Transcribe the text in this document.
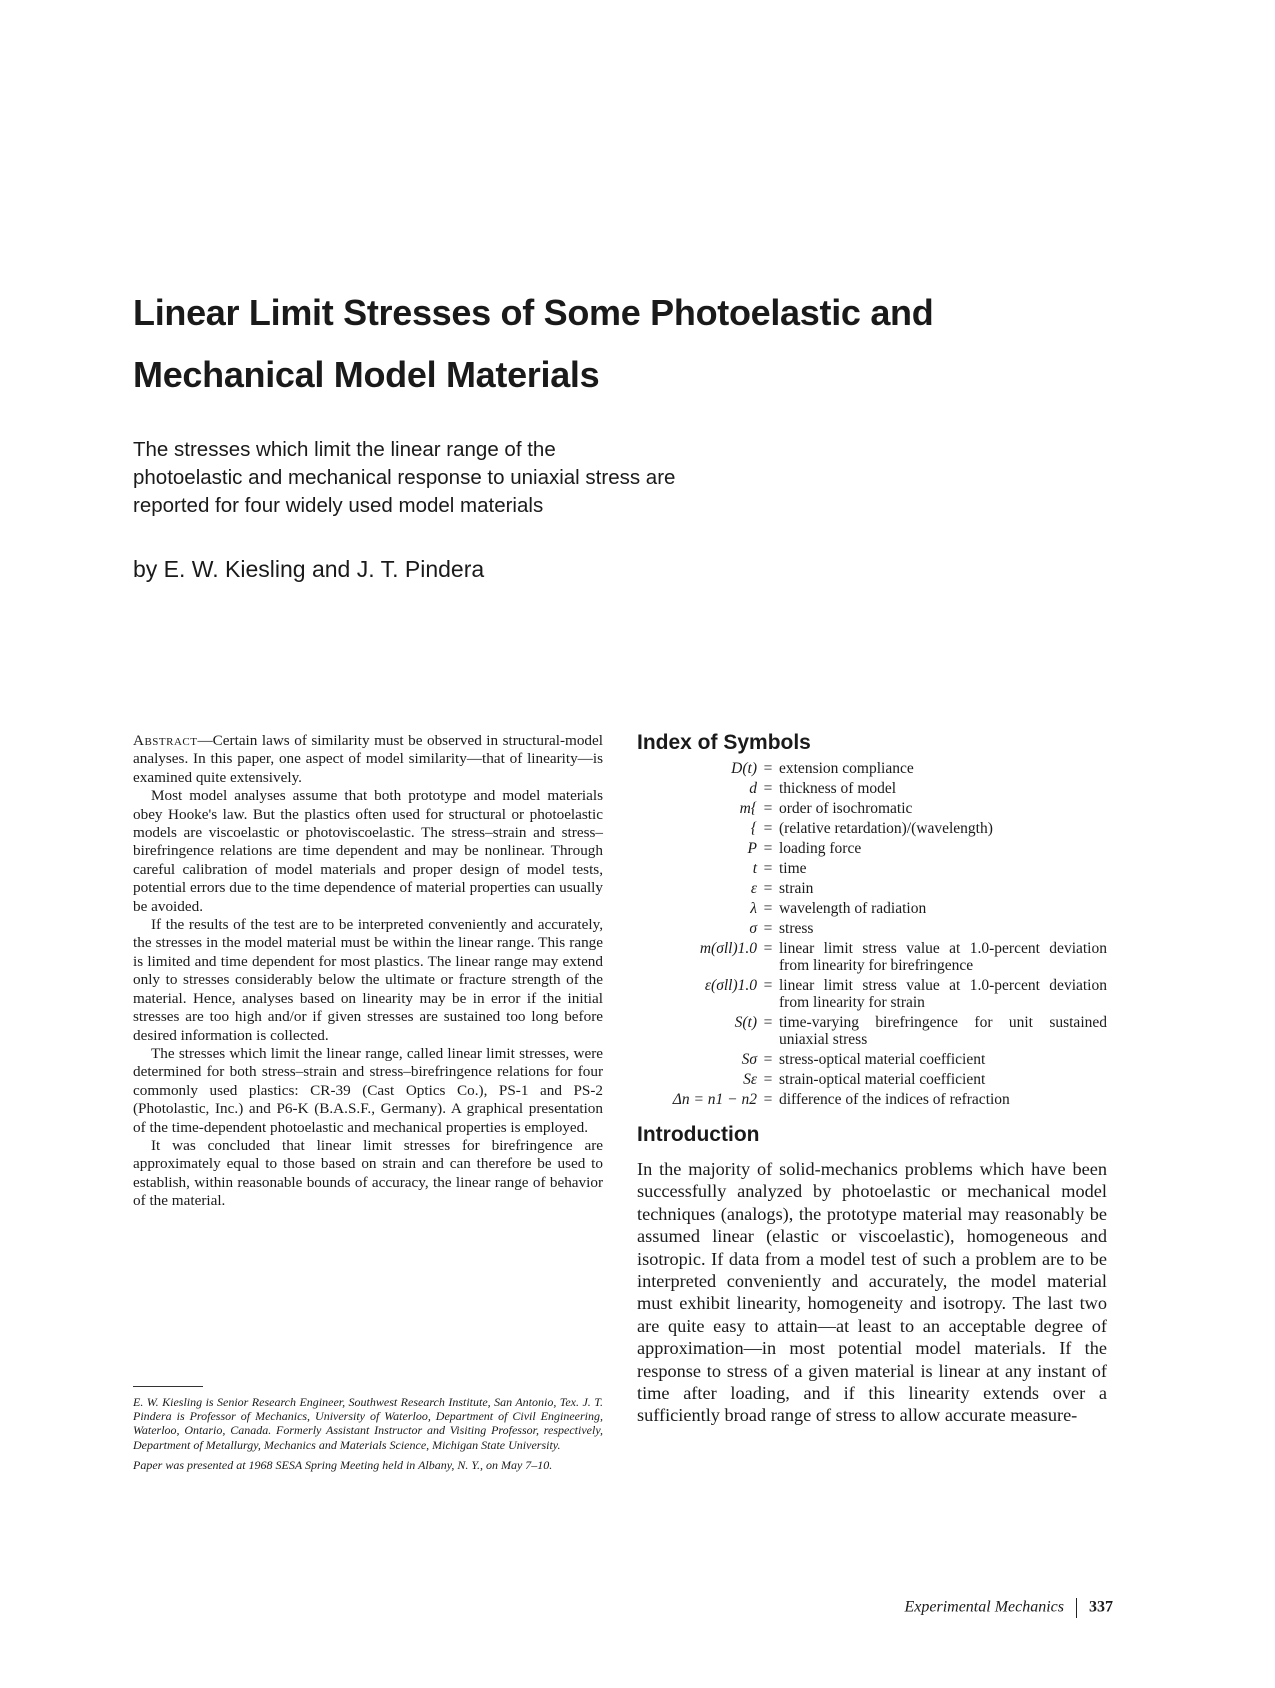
Linear Limit Stresses of Some Photoelastic and
Mechanical Model Materials
The stresses which limit the linear range of the
photoelastic and mechanical response to uniaxial stress are
reported for four widely used model materials
by E. W. Kiesling and J. T. Pindera

Abstract—Certain laws of similarity must be observed in structural-model analyses. In this paper, one aspect of model similarity—that of linearity—is examined quite extensively.

Most model analyses assume that both prototype and model materials obey Hooke's law. But the plastics often used for structural or photoelastic models are viscoelastic or photoviscoelastic. The stress–strain and stress–birefringence relations are time dependent and may be nonlinear. Through careful calibration of model materials and proper design of model tests, potential errors due to the time dependence of material properties can usually be avoided.

If the results of the test are to be interpreted conveniently and accurately, the stresses in the model material must be within the linear range. This range is limited and time dependent for most plastics. The linear range may extend only to stresses considerably below the ultimate or fracture strength of the material. Hence, analyses based on linearity may be in error if the initial stresses are too high and/or if given stresses are sustained too long before desired information is collected.

The stresses which limit the linear range, called linear limit stresses, were determined for both stress–strain and stress–birefringence relations for four commonly used plastics: CR-39 (Cast Optics Co.), PS-1 and PS-2 (Photolastic, Inc.) and P6-K (B.A.S.F., Germany). A graphical presentation of the time-dependent photoelastic and mechanical properties is employed.

It was concluded that linear limit stresses for birefringence are approximately equal to those based on strain and can therefore be used to establish, within reasonable bounds of accuracy, the linear range of behavior of the material.

E. W. Kiesling is Senior Research Engineer, Southwest Research Institute, San Antonio, Tex. J. T. Pindera is Professor of Mechanics, University of Waterloo, Department of Civil Engineering, Waterloo, Ontario, Canada. Formerly Assistant Instructor and Visiting Professor, respectively, Department of Metallurgy, Mechanics and Materials Science, Michigan State University.

Paper was presented at 1968 SESA Spring Meeting held in Albany, N. Y., on May 7–10.

Index of Symbols
D(t) = extension compliance
d = thickness of model
m{ = order of isochromatic
{ = (relative retardation)/(wavelength)
P = loading force
t = time
ε = strain
λ = wavelength of radiation
σ = stress
m(σll)1.0 = linear limit stress value at 1.0-percent deviation from linearity for birefringence
ε(σll)1.0 = linear limit stress value at 1.0-percent deviation from linearity for strain
S(t) = time-varying birefringence for unit sustained uniaxial stress
Sσ = stress-optical material coefficient
Sε = strain-optical material coefficient
Δn = n1 − n2 = difference of the indices of refraction
Introduction
In the majority of solid-mechanics problems which have been successfully analyzed by photoelastic or mechanical model techniques (analogs), the prototype material may reasonably be assumed linear (elastic or viscoelastic), homogeneous and isotropic. If data from a model test of such a problem are to be interpreted conveniently and accurately, the model material must exhibit linearity, homogeneity and isotropy. The last two are quite easy to attain—at least to an acceptable degree of approximation—in most potential model materials. If the response to stress of a given material is linear at any instant of time after loading, and if this linearity extends over a sufficiently broad range of stress to allow accurate measure-
Experimental Mechanics 337
